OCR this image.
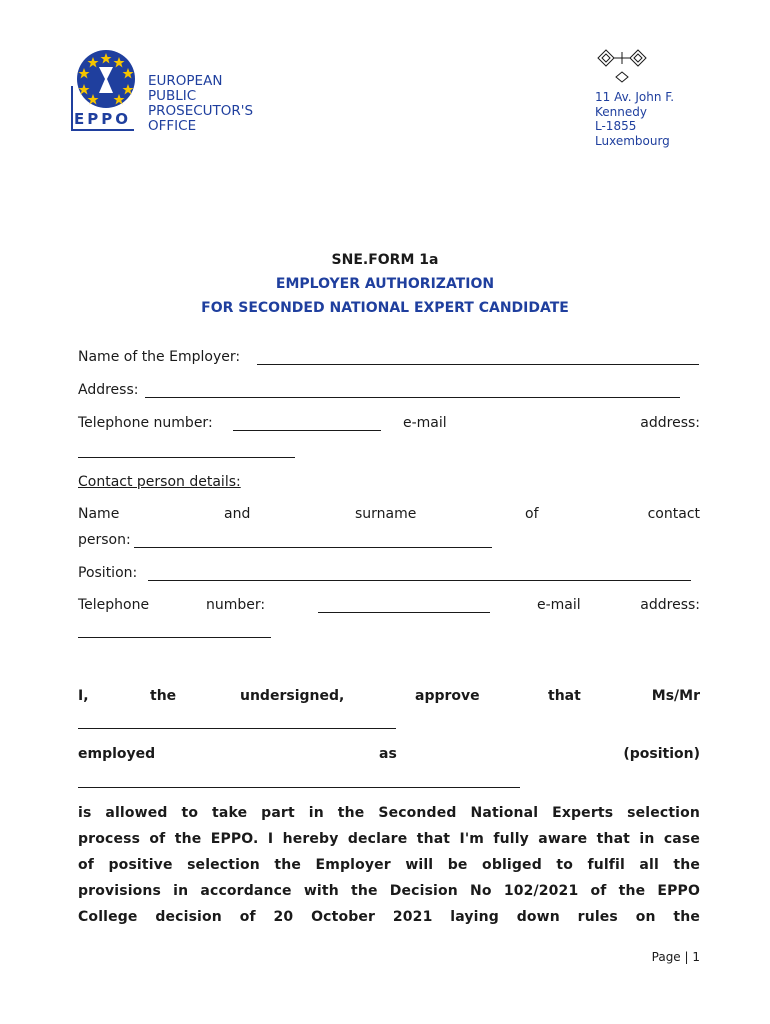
EPPO
EUROPEAN
PUBLIC
PROSECUTOR'S
OFFICE
11 Av. John F.
Kennedy
L-1855
Luxembourg
SNE.FORM 1a
EMPLOYER AUTHORIZATION
FOR SECONDED NATIONAL EXPERT CANDIDATE
Name of the Employer:
Address:
Telephone number:	e-mail	address:
Contact person details:
Name	and	surname	of	contact
person:
Position:
Telephone	number:	e-mail	address:
I,	the	undersigned,	approve	that	Ms/Mr
employed	as	(position)
is allowed to take part in the Seconded National Experts selection
process of the EPPO. I hereby declare that I'm fully aware that in case
of positive selection the Employer will be obliged to fulfil all the
provisions in accordance with the Decision No 102/2021 of the EPPO
College decision of 20 October 2021 laying down rules on the
Page | 1
